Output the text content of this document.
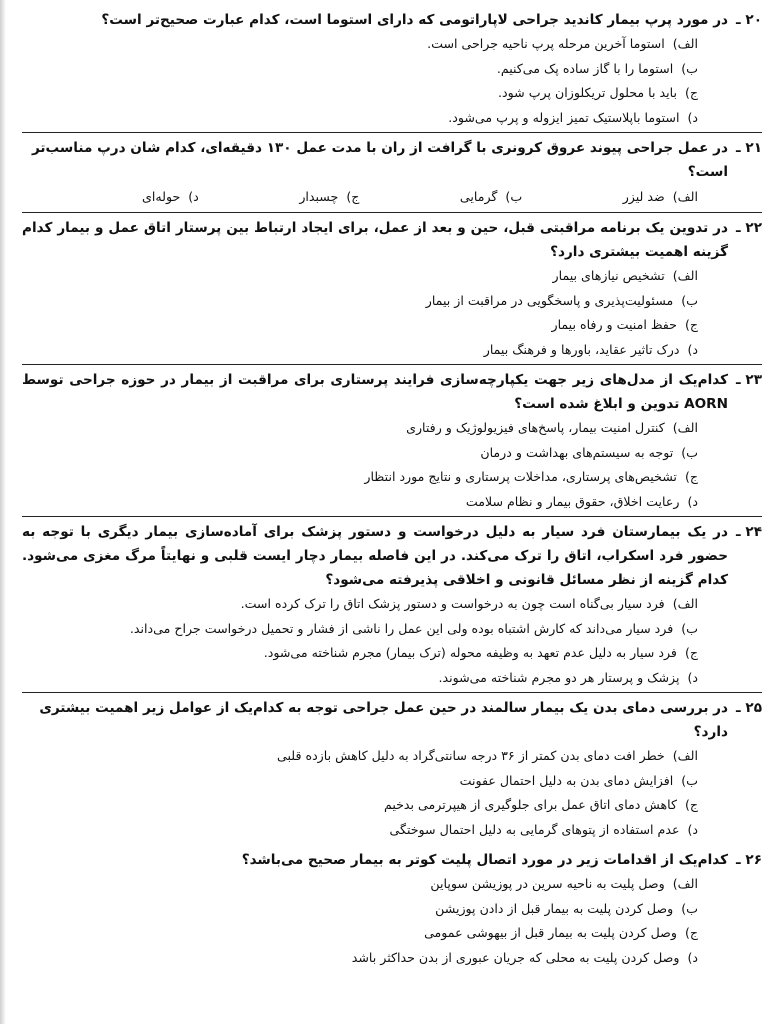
۲۰ ـ
در مورد پرپ بیمار کاندید جراحی لاپاراتومی که دارای استوما است، کدام عبارت صحیح‌تر است؟
الف)
استوما آخرین مرحله پرپ ناحیه جراحی است.
ب)
استوما را با گاز ساده پک می‌کنیم.
ج)
باید با محلول تریکلوزان پرپ شود.
د)
استوما باپلاستیک تمیز ایزوله و پرپ می‌شود.
۲۱ ـ
در عمل جراحی پیوند عروق کرونری با گرافت از ران با مدت عمل ۱۳۰ دقیقه‌ای، کدام شان درپ مناسب‌تر است؟
الف)
ضد لیزر
ب)
گرمایی
ج)
چسبدار
د)
حوله‌ای
۲۲ ـ
در تدوین یک برنامه مراقبتی قبل، حین و بعد از عمل، برای ایجاد ارتباط بین پرستار اتاق عمل و بیمار کدام گزینه اهمیت بیشتری دارد؟
الف)
تشخیص نیازهای بیمار
ب)
مسئولیت‌پذیری و پاسخگویی در مراقبت از بیمار
ج)
حفظ امنیت و رفاه بیمار
د)
درک تاثیر عقاید، باورها و فرهنگ بیمار
۲۳ ـ
کدام‌یک از مدل‌های زیر جهت یکپارچه‌سازی فرایند پرستاری برای مراقبت از بیمار در حوزه جراحی توسط AORN تدوین و ابلاغ شده است؟
الف)
کنترل امنیت بیمار، پاسخ‌های فیزیولوژیک و رفتاری
ب)
توجه به سیستم‌های بهداشت و درمان
ج)
تشخیص‌های پرستاری، مداخلات پرستاری و نتایج مورد انتظار
د)
رعایت اخلاق، حقوق بیمار و نظام سلامت
۲۴ ـ
در یک بیمارستان فرد سیار به دلیل درخواست و دستور پزشک برای آماده‌سازی بیمار دیگری با توجه به حضور فرد اسکراب، اتاق را ترک می‌کند. در این فاصله بیمار دچار ایست قلبی و نهایتاً مرگ مغزی می‌شود. کدام گزینه از نظر مسائل قانونی و اخلاقی پذیرفته می‌شود؟
الف)
فرد سیار بی‌گناه است چون به درخواست و دستور پزشک اتاق را ترک کرده است.
ب)
فرد سیار می‌داند که کارش اشتباه بوده ولی این عمل را ناشی از فشار و تحمیل درخواست جراح می‌داند.
ج)
فرد سیار به دلیل عدم تعهد به وظیفه محوله (ترک بیمار) مجرم شناخته می‌شود.
د)
پزشک و پرستار هر دو مجرم شناخته می‌شوند.
۲۵ ـ
در بررسی دمای بدن یک بیمار سالمند در حین عمل جراحی توجه به کدام‌یک از عوامل زیر اهمیت بیشتری دارد؟
الف)
خطر افت دمای بدن کمتر از ۳۶ درجه سانتی‌گراد به دلیل کاهش بازده قلبی
ب)
افزایش دمای بدن به دلیل احتمال عفونت
ج)
کاهش دمای اتاق عمل برای جلوگیری از هیپرترمی بدخیم
د)
عدم استفاده از پتوهای گرمایی به دلیل احتمال سوختگی
۲۶ ـ
کدام‌یک از اقدامات زیر در مورد اتصال پلیت کوتر به بیمار صحیح می‌باشد؟
الف)
وصل پلیت به ناحیه سرین در پوزیشن سوپاین
ب)
وصل کردن پلیت به بیمار قبل از دادن پوزیشن
ج)
وصل کردن پلیت به بیمار قبل از بیهوشی عمومی
د)
وصل کردن پلیت به محلی که جریان عبوری از بدن حداکثر باشد
